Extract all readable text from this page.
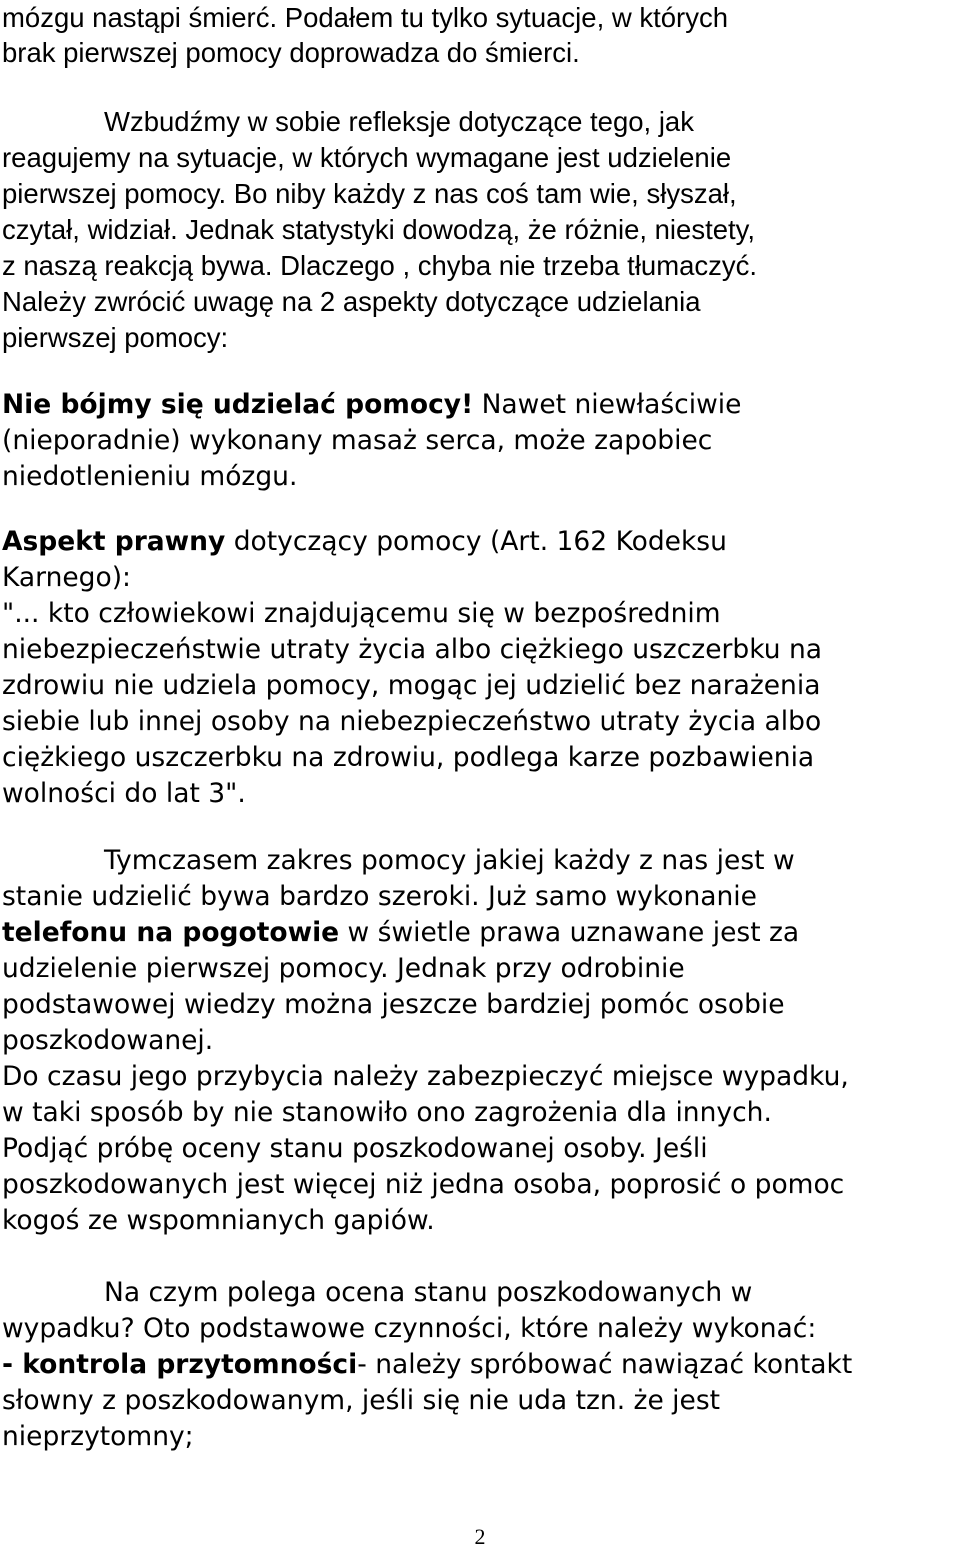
mózgu nastąpi śmierć. Podałem tu tylko sytuacje, w których
brak pierwszej pomocy doprowadza do śmierci.
Wzbudźmy w sobie refleksje dotyczące tego, jak
reagujemy na sytuacje, w których wymagane jest udzielenie
pierwszej pomocy. Bo niby każdy z nas coś tam wie, słyszał,
czytał, widział. Jednak statystyki dowodzą, że różnie, niestety,
z naszą reakcją bywa. Dlaczego , chyba nie trzeba tłumaczyć.
Należy zwrócić uwagę na 2 aspekty dotyczące udzielania
pierwszej pomocy:
Nie bójmy się udzielać pomocy! Nawet niewłaściwie
(nieporadnie) wykonany masaż serca, może zapobiec
niedotlenieniu mózgu.
Aspekt prawny dotyczący pomocy (Art. 162 Kodeksu
Karnego):
"... kto człowiekowi znajdującemu się w bezpośrednim
niebezpieczeństwie utraty życia albo ciężkiego uszczerbku na
zdrowiu nie udziela pomocy, mogąc jej udzielić bez narażenia
siebie lub innej osoby na niebezpieczeństwo utraty życia albo
ciężkiego uszczerbku na zdrowiu, podlega karze pozbawienia
wolności do lat 3".
Tymczasem zakres pomocy jakiej każdy z nas jest w
stanie udzielić bywa bardzo szeroki. Już samo wykonanie
telefonu na pogotowie w świetle prawa uznawane jest za
udzielenie pierwszej pomocy. Jednak przy odrobinie
podstawowej wiedzy można jeszcze bardziej pomóc osobie
poszkodowanej.
Do czasu jego przybycia należy zabezpieczyć miejsce wypadku,
w taki sposób by nie stanowiło ono zagrożenia dla innych.
Podjąć próbę oceny stanu poszkodowanej osoby. Jeśli
poszkodowanych jest więcej niż jedna osoba, poprosić o pomoc
kogoś ze wspomnianych gapiów.
Na czym polega ocena stanu poszkodowanych w
wypadku? Oto podstawowe czynności, które należy wykonać:
- kontrola przytomności- należy spróbować nawiązać kontakt
słowny z poszkodowanym, jeśli się nie uda tzn. że jest
nieprzytomny;
2
